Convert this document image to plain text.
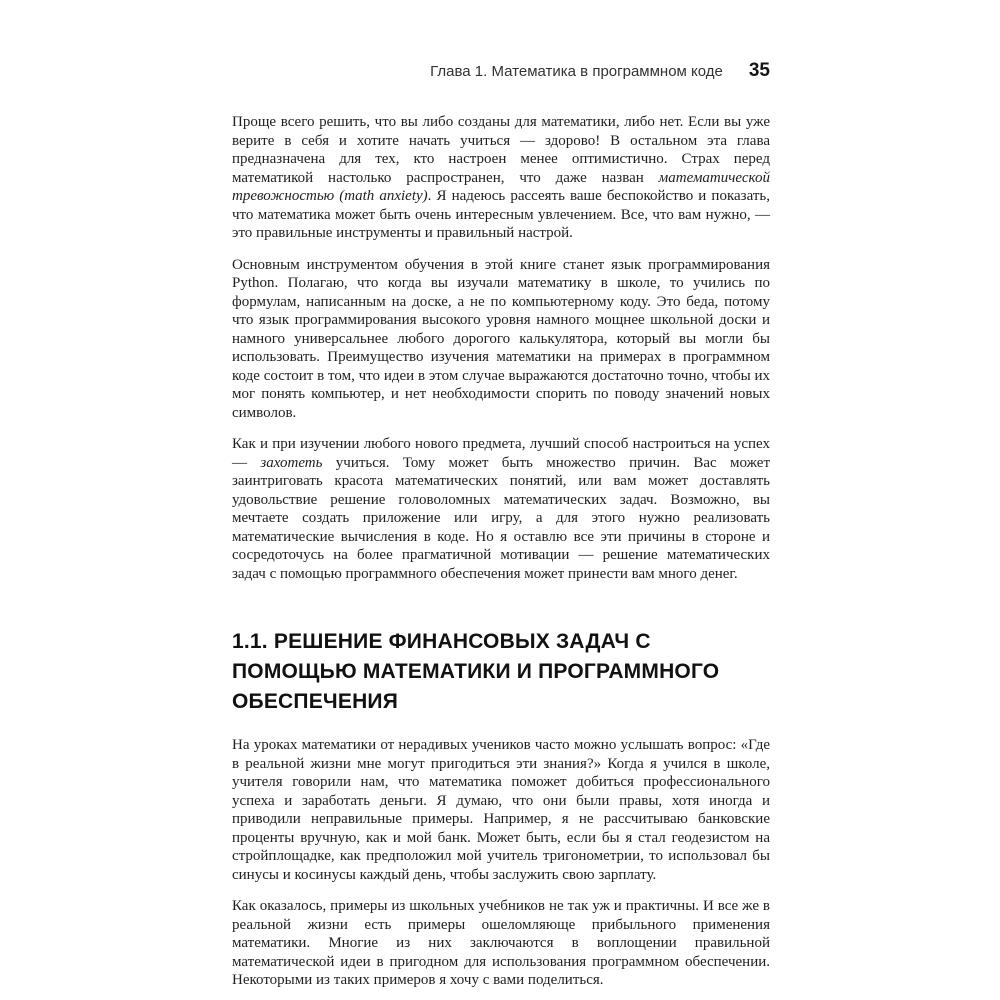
Глава 1. Математика в программном коде 35

Проще всего решить, что вы либо созданы для математики, либо нет. Если вы уже верите в себя и хотите начать учиться — здорово! В остальном эта глава предназначена для тех, кто настроен менее оптимистично. Страх перед математикой настолько распространен, что даже назван математической тревожностью (math anxiety). Я надеюсь рассеять ваше беспокойство и показать, что математика может быть очень интересным увлечением. Все, что вам нужно, — это правильные инструменты и правильный настрой.

Основным инструментом обучения в этой книге станет язык программирования Python. Полагаю, что когда вы изучали математику в школе, то учились по формулам, написанным на доске, а не по компьютерному коду. Это беда, потому что язык программирования высокого уровня намного мощнее школьной доски и намного универсальнее любого дорогого калькулятора, который вы могли бы использовать. Преимущество изучения математики на примерах в программном коде состоит в том, что идеи в этом случае выражаются достаточно точно, чтобы их мог понять компьютер, и нет необходимости спорить по поводу значений новых символов.

Как и при изучении любого нового предмета, лучший способ настроиться на успех — захотеть учиться. Тому может быть множество причин. Вас может заинтриговать красота математических понятий, или вам может доставлять удовольствие решение головоломных математических задач. Возможно, вы мечтаете создать приложение или игру, а для этого нужно реализовать математические вычисления в коде. Но я оставлю все эти причины в стороне и сосредоточусь на более прагматичной мотивации — решение математических задач с помощью программного обеспечения может принести вам много денег.

1.1. РЕШЕНИЕ ФИНАНСОВЫХ ЗАДАЧ С ПОМОЩЬЮ МАТЕМАТИКИ И ПРОГРАММНОГО ОБЕСПЕЧЕНИЯ

На уроках математики от нерадивых учеников часто можно услышать вопрос: «Где в реальной жизни мне могут пригодиться эти знания?» Когда я учился в школе, учителя говорили нам, что математика поможет добиться профессионального успеха и заработать деньги. Я думаю, что они были правы, хотя иногда и приводили неправильные примеры. Например, я не рассчитываю банковские проценты вручную, как и мой банк. Может быть, если бы я стал геодезистом на стройплощадке, как предположил мой учитель тригонометрии, то использовал бы синусы и косинусы каждый день, чтобы заслужить свою зарплату.

Как оказалось, примеры из школьных учебников не так уж и практичны. И все же в реальной жизни есть примеры ошеломляюще прибыльного применения математики. Многие из них заключаются в воплощении правильной математической идеи в пригодном для использования программном обеспечении. Некоторыми из таких примеров я хочу с вами поделиться.
